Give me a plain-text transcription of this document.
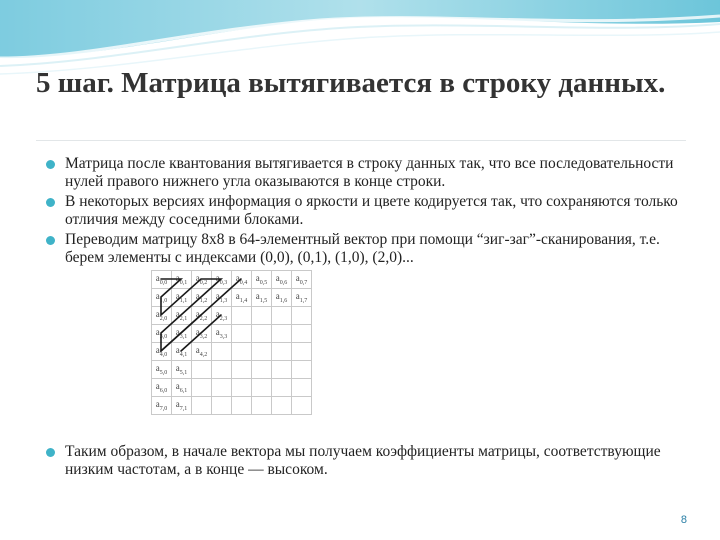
5 шаг. Матрица вытягивается в строку данных.
Матрица после квантования вытягивается в строку данных так, что все последовательности нулей правого нижнего угла оказываются в конце строки.
В некоторых версиях информация о яркости и цвете кодируется так, что сохраняются только отличия между соседними блоками.
Переводим матрицу 8х8 в 64-элементный вектор при помощи “зиг-заг”-сканирования, т.е. берем элементы с индексами (0,0), (0,1), (1,0), (2,0)...
$a_{0,0}$	$a_{0,1}$	$a_{0,2}$	$a_{0,3}$	$a_{0,4}$	$a_{0,5}$	$a_{0,6}$	$a_{0,7}$
$a_{1,0}$	$a_{1,1}$	$a_{1,2}$	$a_{1,3}$	$a_{1,4}$	$a_{1,5}$	$a_{1,6}$	$a_{1,7}$
$a_{2,0}$	$a_{2,1}$	$a_{2,2}$	$a_{2,3}$				
$a_{3,0}$	$a_{3,1}$	$a_{3,2}$	$a_{3,3}$				
$a_{4,0}$	$a_{4,1}$	$a_{4,2}$					
$a_{5,0}$	$a_{5,1}$						
$a_{6,0}$	$a_{6,1}$						
$a_{7,0}$	$a_{7,1}$						
Таким образом, в начале вектора мы получаем коэффициенты матрицы, соответствующие низким частотам, а в конце — высоком.
8
